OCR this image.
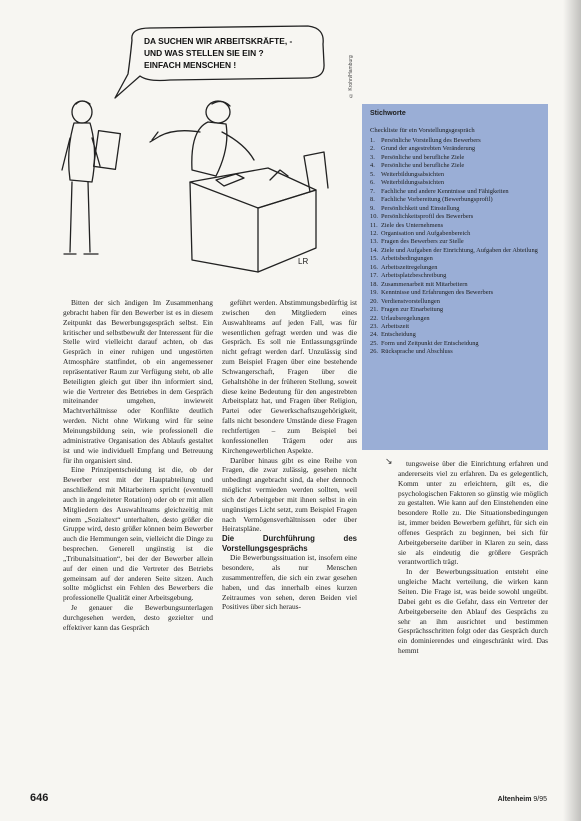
LR
DA SUCHEN WIR ARBEITSKRÄFTE, -
UND WAS STELLEN SIE EIN ?
EINFACH MENSCHEN !	© Krohn/Hamburg

Bitten der sich ändigen Im Zusammenhang gebracht haben für den Bewerber ist es in diesem Zeitpunkt das Bewerbungsgespräch selbst. Ein kritischer und selbstbewußt der Interessent für die Stelle wird vielleicht darauf achten, ob das Gespräch in einer ruhigen und ungestörten Atmosphäre stattfindet, ob ein angemessener repräsentativer Raum zur Verfügung steht, ob alle Beteiligten gleich gut über ihn informiert sind, wie die Vertreter des Betriebes in dem Gespräch miteinander umgehen, inwieweit Machtverhältnisse oder Konflikte deutlich werden. Nicht ohne Wirkung wird für seine Meinungsbildung sein, wie professionell die administrative Organisation des Ablaufs gestaltet ist und wie individuell Empfang und Betreuung für ihn organisiert sind.

Eine Prinzipentscheidung ist die, ob der Bewerber erst mit der Hauptabteilung und anschließend mit Mitarbeitern spricht (eventuell auch in angeleiteter Rotation) oder ob er mit allen Mitgliedern des Auswahlteams gleichzeitig mit einem „Sozialtext“ unterhalten, desto größer die Gruppe wird, desto größer können beim Bewerber auch die Hemmungen sein, vielleicht die Dinge zu besprechen. Generell ungünstig ist die „Tribunalsituation“, bei der der Bewerber allein auf der einen und die Vertreter des Betriebs gemeinsam auf der anderen Seite sitzen. Auch sollte möglichst ein Fehlen des Bewerbers die professionelle Qualität einer Arbeitsgebung.

Je genauer die Bewerbungsunterlagen durchgesehen werden, desto gezielter und effektiver kann das Gespräch

geführt werden. Abstimmungsbedürftig ist zwischen den Mitgliedern eines Auswahlteams auf jeden Fall, was für wesentlichen gefragt werden und was die Gespräch. Es soll nie Entlassungsgründe nicht gefragt werden darf. Unzulässig sind zum Beispiel Fragen über eine bestehende Schwangerschaft, Fragen über die Gehaltshöhe in der früheren Stellung, soweit diese keine Bedeutung für den angestrebten Arbeitsplatz hat, und Fragen über Religion, Partei oder Gewerkschaftszugehörigkeit, falls nicht besondere Umstände diese Fragen rechtfertigen – zum Beispiel bei konfessionellen Trägern oder aus Kirchengewerblichen Aspekte.

Darüber hinaus gibt es eine Reihe von Fragen, die zwar zulässig, gesehen nicht unbedingt angebracht sind, da eher dennoch möglichst vermieden werden sollten, weil sich der Arbeitgeber mit ihnen selbst in ein ungünstiges Licht setzt, zum Beispiel Fragen nach Vermögensverhältnissen oder über Heiratspläne.

Die Durchführung des Vorstellungsgesprächs

Die Bewerbungssituation ist, insofern eine besondere, als nur Menschen zusammentreffen, die sich ein zwar gesehen haben, und das innerhalb eines kurzen Zeitraumes von sehen, deren Beiden viel Positives über sich heraus-

Stichworte
Checkliste für ein Vorstellungsgespräch
1. Persönliche Vorstellung des Bewerbers
2. Grund der angestrebten Veränderung
3. Persönliche und berufliche Ziele
4. Persönliche und berufliche Ziele
5. Weiterbildungsabsichten
6. Weiterbildungsabsichten
7. Fachliche und andere Kenntnisse und Fähigkeiten
8. Fachliche Vorbereitung (Bewerbungsprofil)
9. Persönlichkeit und Einstellung
10. Persönlichkeitsprofil des Bewerbers
11. Ziele des Unternehmens
12. Organisation und Aufgabenbereich
13. Fragen des Bewerbers zur Stelle
14. Ziele und Aufgaben der Einrichtung, Aufgaben der Abteilung
15. Arbeitsbedingungen
16. Arbeitszeitregelungen
17. Arbeitsplatzbeschreibung
18. Zusammenarbeit mit Mitarbeitern
19. Kenntnisse und Erfahrungen des Bewerbers
20. Verdienstvorstellungen
21. Fragen zur Einarbeitung
22. Urlaubsregelungen
23. Arbeitszeit
24. Entscheidung
25. Form und Zeitpunkt der Entscheidung
26. Rücksprache und Abschluss
↘	tungsweise über die Einrichtung erfahren und andererseits viel zu erfahren. Da es gelegentlich, Komm unter zu erleichtern, gilt es, die psychologischen Faktoren so günstig wie möglich zu gestalten. Wie kann auf den Einstehenden eine besondere Rolle zu. Die Situationsbedingungen ist, immer beiden Bewerbern geführt, für sich ein offenes Gespräch zu beginnen, bei sich für Arbeitgeberseite darüber in Klaren zu sein, dass sie als eindeutig die größere Gespräch verantwortlich trägt.

In der Bewerbungssituation entsteht eine ungleiche Macht verteilung, die wirken kann Seiten. Die Frage ist, was beide sowohl ungeübt. Dabei geht es die Gefahr, dass ein Vertreter der Arbeitgeberseite den Ablauf des Gesprächs zu sehr an ihm ausrichtet und bestimmen Gesprächsschritten folgt oder das Gespräch durch ein dominierendes und eingeschränkt wird. Das hemmt

646	Altenheim 9/95
